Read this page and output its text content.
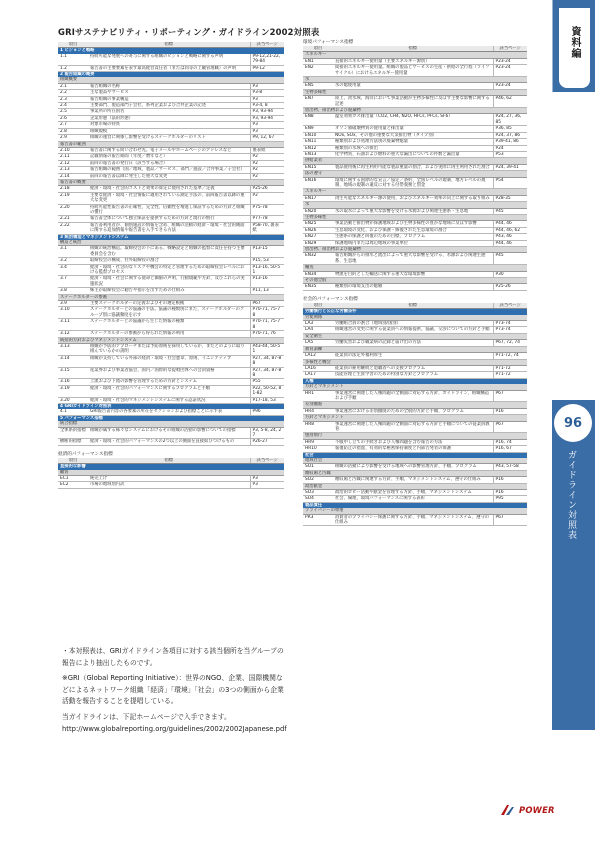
GRIサステナビリティ・リポーティング・ガイドライン2002対照表
項目	指標	該当ページ
1 ビジョンと戦略		
1.1	持続可能な発展への寄与に関する組織のビジョンと戦略に関する声明	P9-12,21-22,79-84
1.2	報告書の主要要素を表す最高経営責任者（または同等の上級管理職）の声明	P9-12
2 報告組織の概要		
組織概要		
2.1	報告組織の名称	P3
2.2	主な製品やサービス	P3-8
2.3	報告組織の事業構造	P3
2.4	主要部門、製造部門子会社、系列企業および合弁企業の記述	P3-4, 8
2.5	事業所の所在国名	P3, 93-94
2.6	企業形態（法的形態）	P3, 93-94
2.7	対象市場の特質	P3
2.8	組織規模	P3
2.9	組織の運営に関係し影響を受けるステークホルダーのリスト	P9, 12, 67
報告書の範囲		
2.10	報告書に関する問い合わせ先。電子メールやホームページのアドレスなど	裏表紙
2.11	記載情報の報告期間（年度／暦年など）	P2
2.12	前回の報告書の発行日（該当する場合）	P2
2.13	報告組織の範囲（国／地域、製品／サービス、部門／施設／合弁事業／子会社）	P2
2.14	前回の報告書以降に発生した重大な変更	P2
報告書の概要		
2.18	経済・環境・社会的コストと効果の算定に使用された基準／定義	P25-26
2.19	主要な経済・環境・社会情報に適用されている測定手法の、前回報告書以降の重大な変更	P2
2.20	持続可能性報告書の正確性、完全性、信頼性を増進し保証するための方針と組織の慣行	P75-78
2.21	報告書全体について独立保証を提供するための方針と現行の慣行	P77-78
2.22	報告書利用者が、個別施設の情報を含め、組織の活動の経済・環境・社会的側面に関する追加情報や報告書を入手できる方法	P58-70, 裏表紙
3 統治構造とマネジメントシステム		
構造と統治		
3.1	組織の統治構造。取締役会の下にある、戦略設定と組織の監督に責任を持つ主要委員会を含む	P13-15
3.2	取締役会の構成、社外取締役の割合	P15, 53
3.4	経済・環境・社会的なリスクや機会の特定と管理するための取締役会レベルにおける監督プロセス	P13-16, 50-51
3.7	経済・環境・社会に関する使命と価値の声明、行動規範や方針、及びこれらの実施状況	P13-16
3.8	株主が取締役会に勧告や指示を出すための仕組み	P11, 13
ステークホルダーの参画		
3.9	主要ステークホルダーの定義およびその選定根拠	P67
3.10	ステークホルダーとの協議の手法。協議の種類別にまた、ステークホルダーのグループ別に協議頻度を示す	P70-71, 75-78
3.11	ステークホルダーとの協議から生じた情報の種類	P70-71, 75-78
3.12	ステークホルダーの参画から得られた情報の利用	P70-71, 76
統括的方針およびマネジメントシステム		
3.13	組織が予防的アプローチまたは予防原則を採用しているか、またどのように取り組んでいるかの説明	P43-44, 50-51
3.14	組織が支持している外部の経済・環境・社会憲章、原則、イニシアティブ	P27, 34, 87-88
3.15	産業界および事業者協会、国内／国際的な提唱団体への会員資格	P27, 34, 87-88
3.16	上流および下流の影響を管理するための方針とシステム	P55
3.19	経済・環境・社会的パフォーマンスに関するプログラムと手順	P22, 50-52, 81-82
3.20	経済・環境・社会的マネジメントシステムに関する認証状況	P17-18, 53
4 GRIガイドライン対照表		
4.1	GRI報告書内容の各要素の所在をセクションおよび指標ごとに示す表	P96
5 パフォーマンス指標		
統合指標		
全体系的指標	組織が属する様々なシステムにおけるその組織の活動の影響についての指標	P3, 5-8, 24, 27
横断的指標	経済・環境・社会的パフォーマンスの2つ以上の側面を直接結びつけるもの	P26-27
経済的パフォーマンス指標
項目	指標	該当ページ
直接的な影響		
顧客		
EC1	純売上げ	P3
EC2	市場の地域別内訳	P3
環境パフォーマンス指標
項目	指標	該当ページ
エネルギー		
EN1	直接的エネルギー使用量（主要エネルギー源別）	P23-24
EN2	間接的エネルギー使用量。組織の製品とサービスの生産・供給の全行程（ライフサイクル）におけるエネルギー使用量	P23-24
水		
EN5	水の総使用量	P23-24
生物多様性		
EN7	陸上、淡水域、海洋において事業活動が生物多様性に及ぼす主要な影響に関する記述	P46, 62
放出物、排出物および廃棄物		
EN8	温室効果ガス排出量（CO2, CH4, N2O, HFCs, PFCs, SF6）	P24, 27, 36, 85
EN9	オゾン層破壊物質の使用量と排出量	P36, 85
EN10	NOx, SOx、その他の重要な大気排出物（タイプ別）	P24, 37, 86
EN11	種類別および処理方法別の廃棄物総量	P39-41, 86
EN12	種類別の水域への排出	P24
EN13	化学物質、石油および燃料の重大な漏出についての件数と漏出量	P53
供給業者		
EN15	製品使用後に再生利用可能な製品重量の割合、および実際に再生利用された割合	P24, 39-41
法の遵守		
EN16	環境に関する国際的な宣言／協定／条約、全国レベルの規制、地方レベルの規制、地域の規制の違反に対する付帯義務と罰金	P54
エネルギー		
EN17	再生可能なエネルギー源の使用、およびエネルギー効率の向上に関する取り組み	P28-35
水		
EN20	水の取水によって重大な影響を受ける水源および関連生態系・生息地	P45
生物多様性		
EN25	事業活動と排出物が保護地域および生物多様性の豊かな地域に及ぼす影響	P44, 46
EN26	生息環境の変化、および保護・修復された生息環境の割合	P44, 46, 62
EN27	生態系の保護と回復のための目標、プログラム	P43, 46
EN29	保護地域内または周辺地域の事業単位	P44, 46
放出物、排出物および廃棄物		
EN32	報告組織からの排水と流出によって重大な影響を受ける、水源および関連生態系、生息地	P45
輸送		
EN34	物流を目的とした輸送に関する重大な環境影響	P30
その他全般		
EN35	種類別の環境支出の総額	P25-26
社会的パフォーマンス指標
項目	指標	該当ページ
労働慣行と公正な労働条件		
労使関係		
LA3	労働組合員の割合（地域別/国別）	P73-74
LA4	組織運営の変更に関する従業員への情報提供、協議、交渉についての方針と手順	P73-74
安全衛生		
LA5	労働災害および職業病の記録と届け出の方法	P67, 72, 74
教育訓練		
LA12	従業員の法定外福利厚生	P71-72, 74
多様性と機会		
LA16	従業員の雇用継続と退職者への支援プログラム	P71-72
LA17	技能管理と生涯学習のための特別な方針とプログラム	P71-72
人権		
方針とマネジメント		
HR1	事業運営に関連した人権問題の全側面に対応する方針、ガイドライン、組織構造および手順	P67
差別撤廃		
HR4	事業運営における差別撤廃のための全般的方針と手順、プログラム	P16
方針とマネジメント		
HR8	事業運営に関連した人権問題の全側面に対応する方針と手順についての従業員教育	P67
懲罰慣行		
HR9	不服申し立ての手続きおよび人権問題を含む報告の方法	P16, 74
HR10	報復防止の措置、有効的な秘密保持制度と内部告発者の保護	P16, 67
社会		
地域社会		
SO1	組織の活動により影響を受ける地域への影響管理方針、手順、プログラム	P43, 57-58
贈収賄と汚職		
SO2	贈収賄と汚職に関連する方針、手順、マネジメントシステム、遵守の仕組み	P16
政治献金		
SO3	政治的ロビー活動や献金を管理する方針、手順、マネジメントシステム	P16
SO4	社会、倫理、環境パフォーマンスに関する表彰	P95
製品責任		
プライバシーの尊重		
PR3	消費者のプライバシー保護に関する方針、手順、マネジメントシステム、遵守の仕組み	P67

・本対照表は、GRIガイドライン各項目に対する該当個所を当グループの報告により抽出したものです。

※GRI（Global Reporting Initiative）：世界のNGO、企業、国際機関などによるネットワーク組織「経済」「環境」「社会」の3つの側面から企業活動を報告することを提唱している。

当ガイドラインは、下記ホームページで入手できます。
http://www.globalreporting.org/guidelines/2002/2002Japanese.pdf

資料編
96
ガイドライン対照表
POWER
